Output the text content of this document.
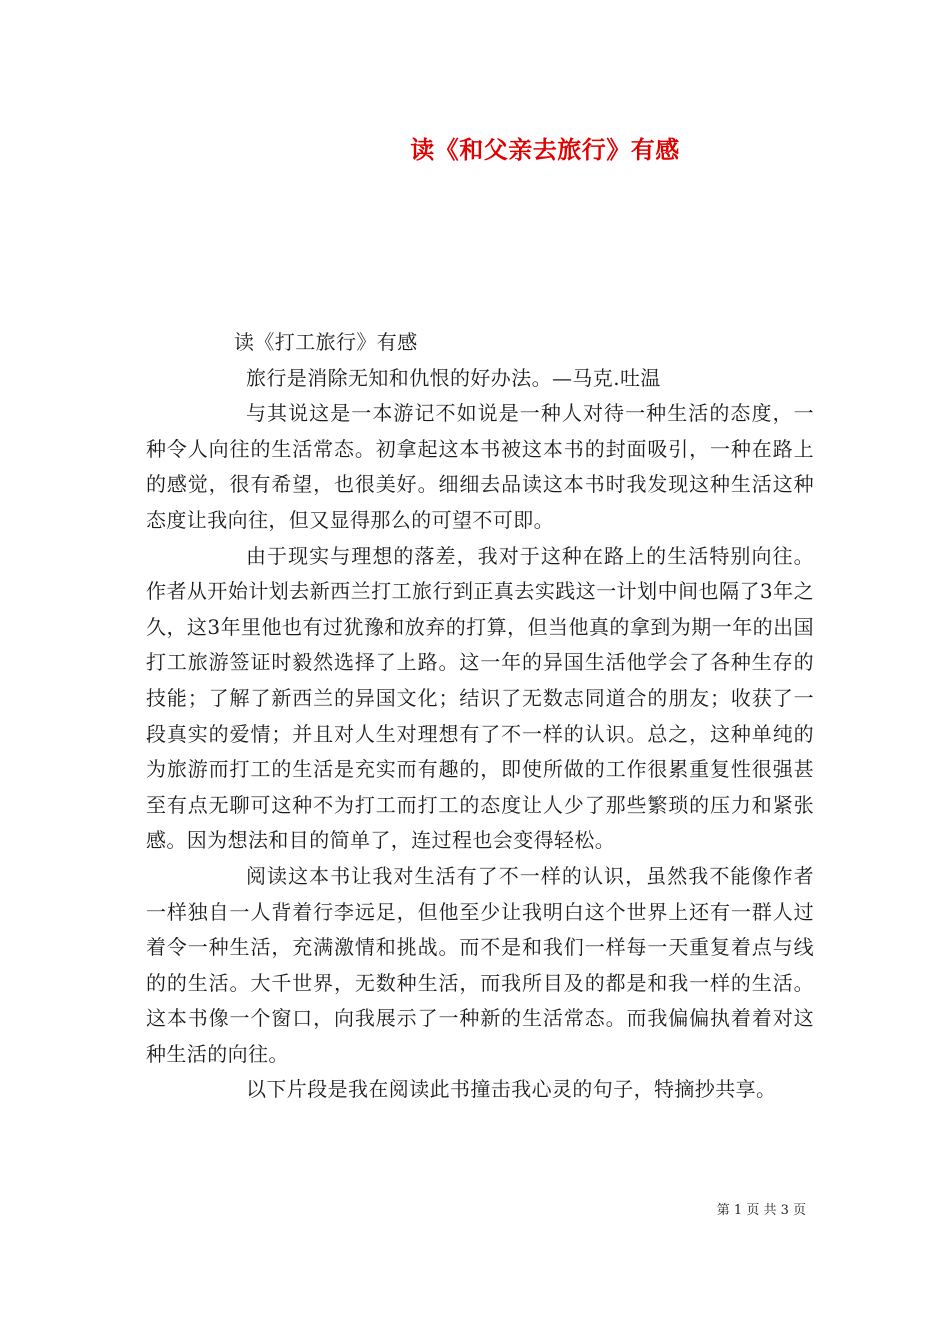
读《和父亲去旅行》有感

读《打工旅行》有感

旅行是消除无知和仇恨的好办法。—马克.吐温

与其说这是一本游记不如说是一种人对待一种生活的态度，一种令人向往的生活常态。初拿起这本书被这本书的封面吸引，一种在路上的感觉，很有希望，也很美好。细细去品读这本书时我发现这种生活这种态度让我向往，但又显得那么的可望不可即。

由于现实与理想的落差，我对于这种在路上的生活特别向往。作者从开始计划去新西兰打工旅行到正真去实践这一计划中间也隔了3年之久，这3年里他也有过犹豫和放弃的打算，但当他真的拿到为期一年的出国打工旅游签证时毅然选择了上路。这一年的异国生活他学会了各种生存的技能；了解了新西兰的异国文化；结识了无数志同道合的朋友；收获了一段真实的爱情；并且对人生对理想有了不一样的认识。总之，这种单纯的为旅游而打工的生活是充实而有趣的，即使所做的工作很累重复性很强甚至有点无聊可这种不为打工而打工的态度让人少了那些繁琐的压力和紧张感。因为想法和目的简单了，连过程也会变得轻松。

阅读这本书让我对生活有了不一样的认识，虽然我不能像作者一样独自一人背着行李远足，但他至少让我明白这个世界上还有一群人过着令一种生活，充满激情和挑战。而不是和我们一样每一天重复着点与线的的生活。大千世界，无数种生活，而我所目及的都是和我一样的生活。这本书像一个窗口，向我展示了一种新的生活常态。而我偏偏执着着对这种生活的向往。

以下片段是我在阅读此书撞击我心灵的句子，特摘抄共享。

第 1 页 共 3 页
